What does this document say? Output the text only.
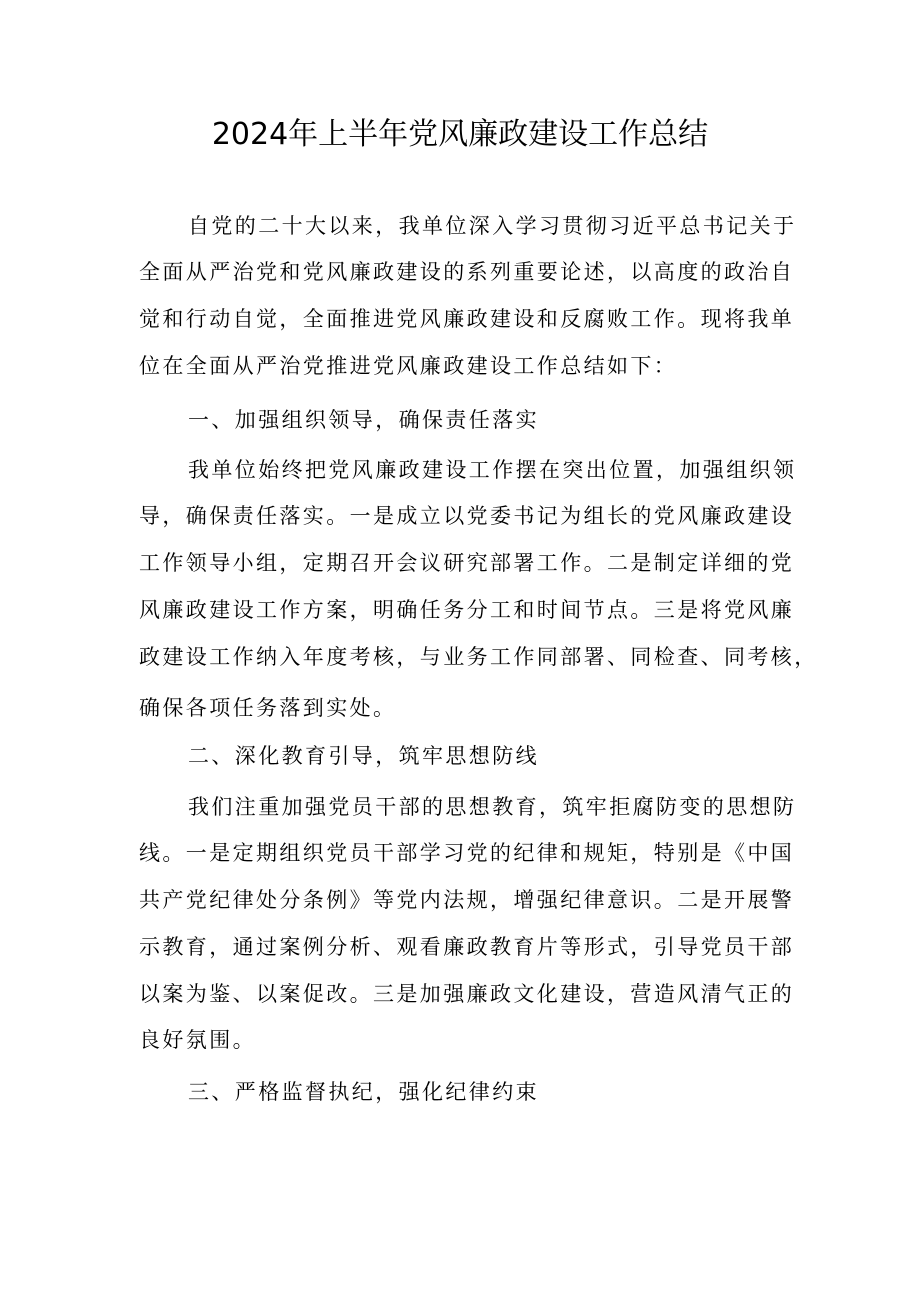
2024年上半年党风廉政建设工作总结
自党的二十大以来，我单位深入学习贯彻习近平总书记关于
全面从严治党和党风廉政建设的系列重要论述，以高度的政治自
觉和行动自觉，全面推进党风廉政建设和反腐败工作。现将我单
位在全面从严治党推进党风廉政建设工作总结如下：
一、加强组织领导，确保责任落实
我单位始终把党风廉政建设工作摆在突出位置，加强组织领
导，确保责任落实。一是成立以党委书记为组长的党风廉政建设
工作领导小组，定期召开会议研究部署工作。二是制定详细的党
风廉政建设工作方案，明确任务分工和时间节点。三是将党风廉
政建设工作纳入年度考核，与业务工作同部署、同检查、同考核，
确保各项任务落到实处。
二、深化教育引导，筑牢思想防线
我们注重加强党员干部的思想教育，筑牢拒腐防变的思想防
线。一是定期组织党员干部学习党的纪律和规矩，特别是《中国
共产党纪律处分条例》等党内法规，增强纪律意识。二是开展警
示教育，通过案例分析、观看廉政教育片等形式，引导党员干部
以案为鉴、以案促改。三是加强廉政文化建设，营造风清气正的
良好氛围。
三、严格监督执纪，强化纪律约束
